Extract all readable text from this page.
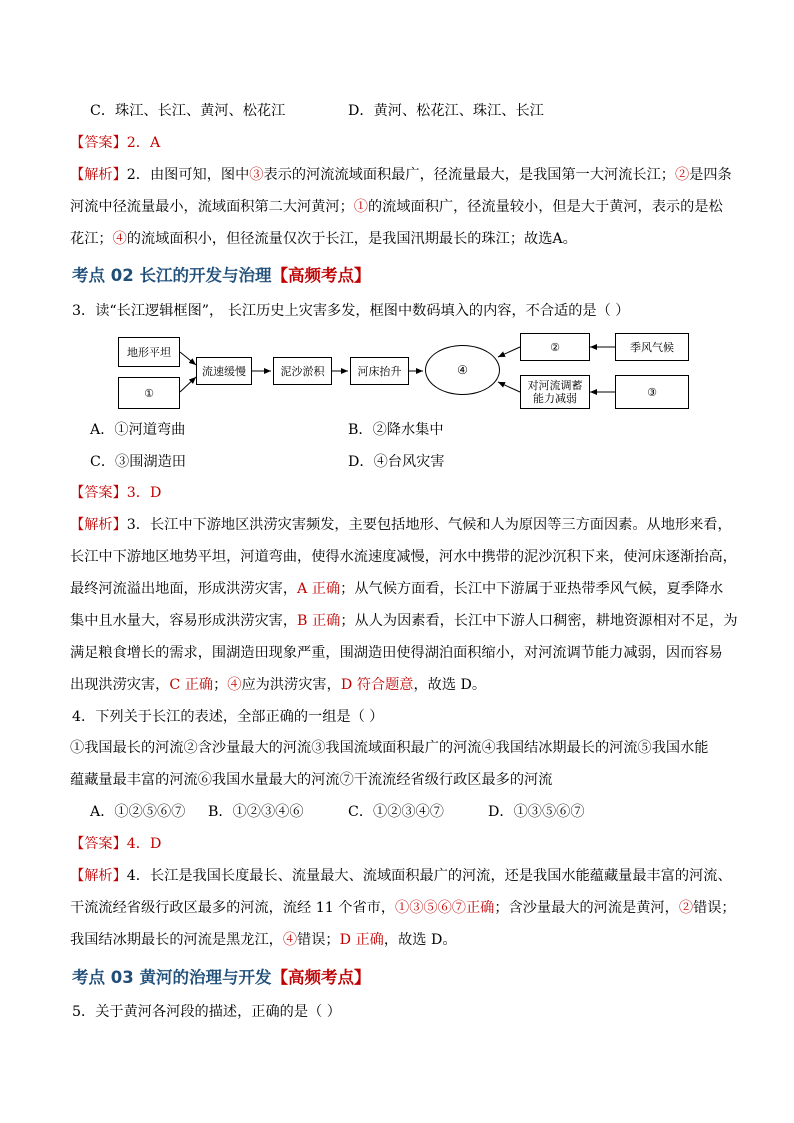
C．珠江、长江、黄河、松花江	D．黄河、松花江、珠江、长江
【答案】2．A
【解析】2．由图可知，图中③表示的河流流域面积最广，径流量最大，是我国第一大河流长江；②是四条
河流中径流量最小，流域面积第二大河黄河；①的流域面积广，径流量较小，但是大于黄河，表示的是松
花江；④的流域面积小，但径流量仅次于长江，是我国汛期最长的珠江；故选A。
考点 02 长江的开发与治理【高频考点】
3．读“长江逻辑框图”， 长江历史上灾害多发，框图中数码填入的内容，不合适的是（ ）
地形平坦
①
流速缓慢	泥沙淤积	河床抬升	④
②	季风气候
对河流调蓄能力减弱	③
A．①河道弯曲	B．②降水集中
C．③围湖造田	D．④台风灾害
【答案】3．D
【解析】3．长江中下游地区洪涝灾害频发，主要包括地形、气候和人为原因等三方面因素。从地形来看，
长江中下游地区地势平坦，河道弯曲，使得水流速度减慢，河水中携带的泥沙沉积下来，使河床逐渐抬高，
最终河流溢出地面，形成洪涝灾害，A 正确；从气候方面看，长江中下游属于亚热带季风气候，夏季降水
集中且水量大，容易形成洪涝灾害，B 正确；从人为因素看，长江中下游人口稠密，耕地资源相对不足，为
满足粮食增长的需求，围湖造田现象严重，围湖造田使得湖泊面积缩小，对河流调节能力减弱，因而容易
出现洪涝灾害，C 正确；④应为洪涝灾害，D 符合题意，故选 D。
4．下列关于长江的表述，全部正确的一组是（ ）
①我国最长的河流②含沙量最大的河流③我国流域面积最广的河流④我国结冰期最长的河流⑤我国水能
蕴藏量最丰富的河流⑥我国水量最大的河流⑦干流流经省级行政区最多的河流
A．①②⑤⑥⑦ B．①②③④⑥	C．①②③④⑦	D．①③⑤⑥⑦
【答案】4．D
【解析】4．长江是我国长度最长、流量最大、流域面积最广的河流，还是我国水能蕴藏量最丰富的河流、
干流流经省级行政区最多的河流，流经 11 个省市，①③⑤⑥⑦正确；含沙量最大的河流是黄河，②错误；
我国结冰期最长的河流是黑龙江，④错误；D 正确，故选 D。
考点 03 黄河的治理与开发【高频考点】
5．关于黄河各河段的描述，正确的是（ ）
